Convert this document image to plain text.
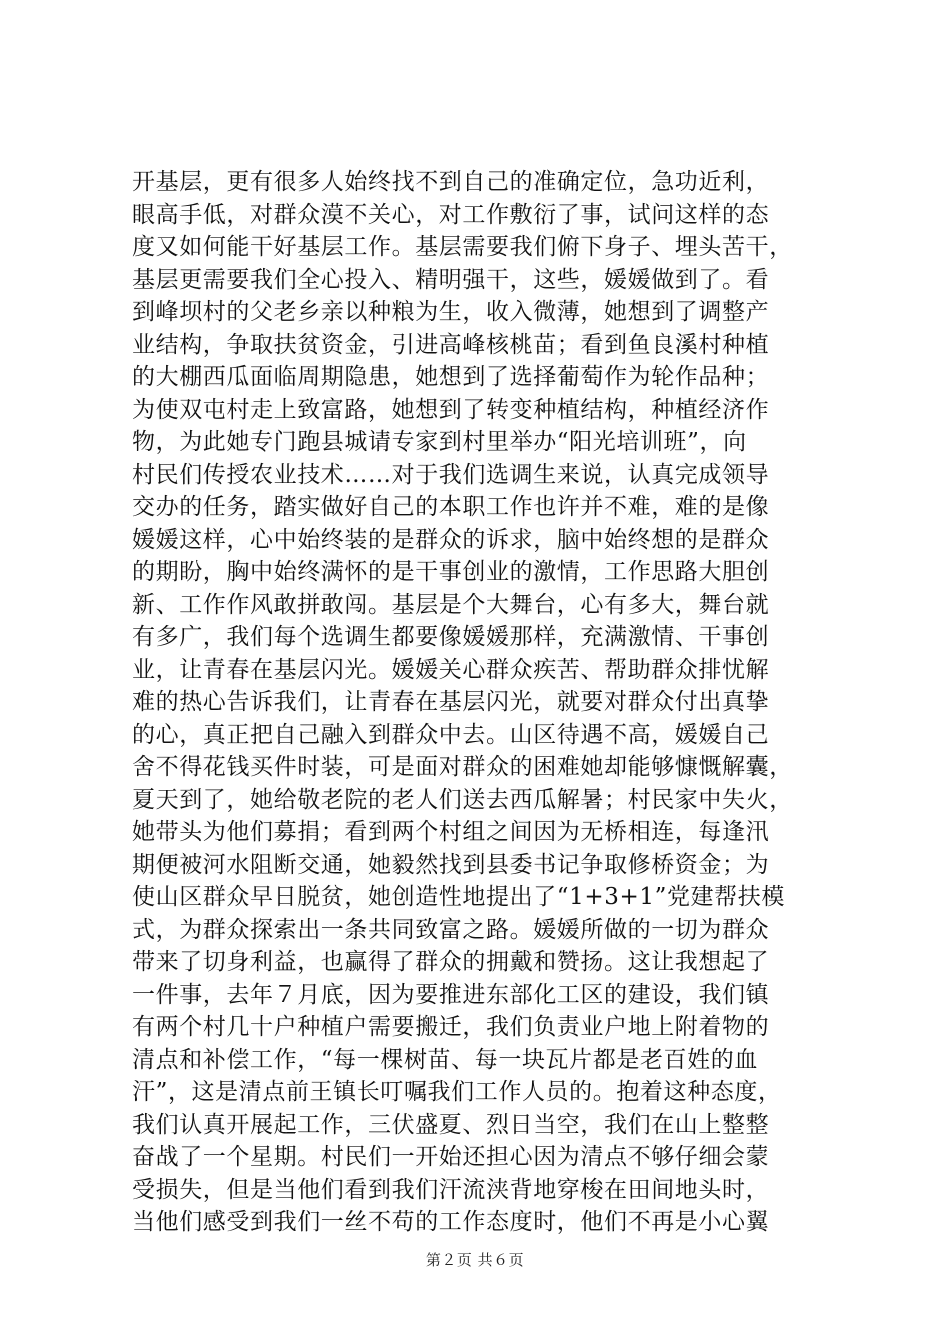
开基层，更有很多人始终找不到自己的准确定位，急功近利，
眼高手低，对群众漠不关心，对工作敷衍了事，试问这样的态
度又如何能干好基层工作。基层需要我们俯下身子、埋头苦干，
基层更需要我们全心投入、精明强干，这些，媛媛做到了。看
到峰坝村的父老乡亲以种粮为生，收入微薄，她想到了调整产
业结构，争取扶贫资金，引进高峰核桃苗；看到鱼良溪村种植
的大棚西瓜面临周期隐患，她想到了选择葡萄作为轮作品种；
为使双屯村走上致富路，她想到了转变种植结构，种植经济作
物，为此她专门跑县城请专家到村里举办“阳光培训班”，向
村民们传授农业技术……对于我们选调生来说，认真完成领导
交办的任务，踏实做好自己的本职工作也许并不难，难的是像
媛媛这样，心中始终装的是群众的诉求，脑中始终想的是群众
的期盼，胸中始终满怀的是干事创业的激情，工作思路大胆创
新、工作作风敢拼敢闯。基层是个大舞台，心有多大，舞台就
有多广，我们每个选调生都要像媛媛那样，充满激情、干事创
业，让青春在基层闪光。媛媛关心群众疾苦、帮助群众排忧解
难的热心告诉我们，让青春在基层闪光，就要对群众付出真挚
的心，真正把自己融入到群众中去。山区待遇不高，媛媛自己
舍不得花钱买件时装，可是面对群众的困难她却能够慷慨解囊，
夏天到了，她给敬老院的老人们送去西瓜解暑；村民家中失火，
她带头为他们募捐；看到两个村组之间因为无桥相连，每逢汛
期便被河水阻断交通，她毅然找到县委书记争取修桥资金；为
使山区群众早日脱贫，她创造性地提出了“1+3+1”党建帮扶模
式，为群众探索出一条共同致富之路。媛媛所做的一切为群众
带来了切身利益，也赢得了群众的拥戴和赞扬。这让我想起了
一件事，去年７月底，因为要推进东部化工区的建设，我们镇
有两个村几十户种植户需要搬迁，我们负责业户地上附着物的
清点和补偿工作，“每一棵树苗、每一块瓦片都是老百姓的血
汗”，这是清点前王镇长叮嘱我们工作人员的。抱着这种态度，
我们认真开展起工作，三伏盛夏、烈日当空，我们在山上整整
奋战了一个星期。村民们一开始还担心因为清点不够仔细会蒙
受损失，但是当他们看到我们汗流浃背地穿梭在田间地头时，
当他们感受到我们一丝不苟的工作态度时，他们不再是小心翼
第２页 共６页
